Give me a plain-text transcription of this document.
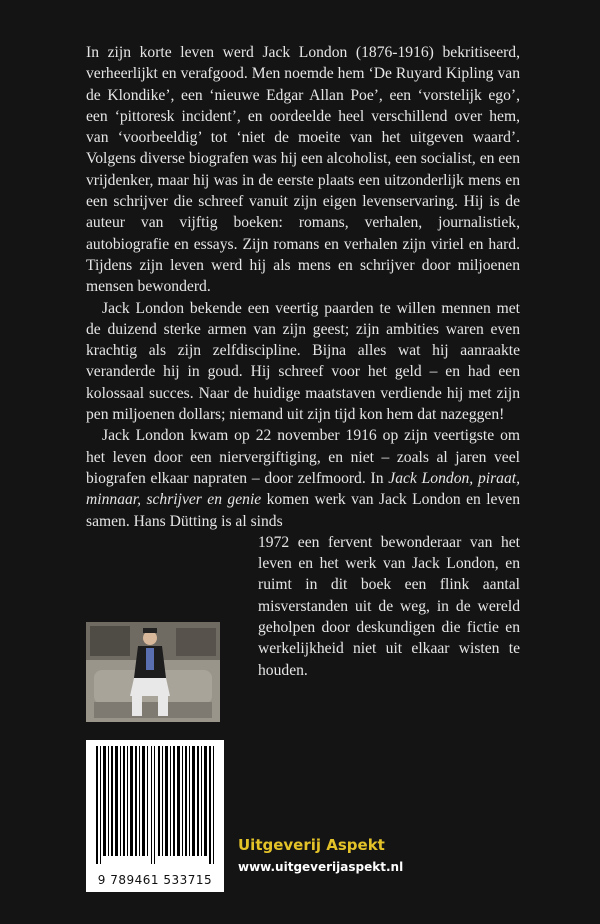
In zijn korte leven werd Jack London (1876-1916) bekritiseerd, verheerlijkt en verafgood. Men noemde hem ‘De Ruyard Kipling van de Klondike’, een ‘nieuwe Edgar Allan Poe’, een ‘vorstelijk ego’, een ‘pittoresk incident’, en oordeelde heel verschillend over hem, van ‘voorbeeldig’ tot ‘niet de moeite van het uitgeven waard’. Volgens diverse biografen was hij een alcoholist, een socialist, en een vrijdenker, maar hij was in de eerste plaats een uitzonderlijk mens en een schrijver die schreef vanuit zijn eigen levenservaring. Hij is de auteur van vijftig boeken: romans, verhalen, journalistiek, autobiografie en essays. Zijn romans en verhalen zijn viriel en hard. Tijdens zijn leven werd hij als mens en schrijver door miljoenen mensen bewonderd.

Jack London bekende een veertig paarden te willen mennen met de duizend sterke armen van zijn geest; zijn ambities waren even krachtig als zijn zelfdiscipline. Bijna alles wat hij aanraakte veranderde hij in goud. Hij schreef voor het geld – en had een kolossaal succes. Naar de huidige maatstaven verdiende hij met zijn pen miljoenen dollars; niemand uit zijn tijd kon hem dat nazeggen!

Jack London kwam op 22 november 1916 op zijn veertigste om het leven door een niervergiftiging, en niet – zoals al jaren veel biografen elkaar napraten – door zelfmoord. In Jack London, piraat, minnaar, schrijver en genie komen werk van Jack London en leven samen. Hans Dütting is al sinds

1972 een fervent bewonderaar van het leven en het werk van Jack London, en ruimt in dit boek een flink aantal misverstanden uit de weg, in de wereld geholpen door deskundigen die fictie en werkelijkheid niet uit elkaar wisten te houden.

9 789461 533715
Uitgeverij Aspekt
www.uitgeverijaspekt.nl
